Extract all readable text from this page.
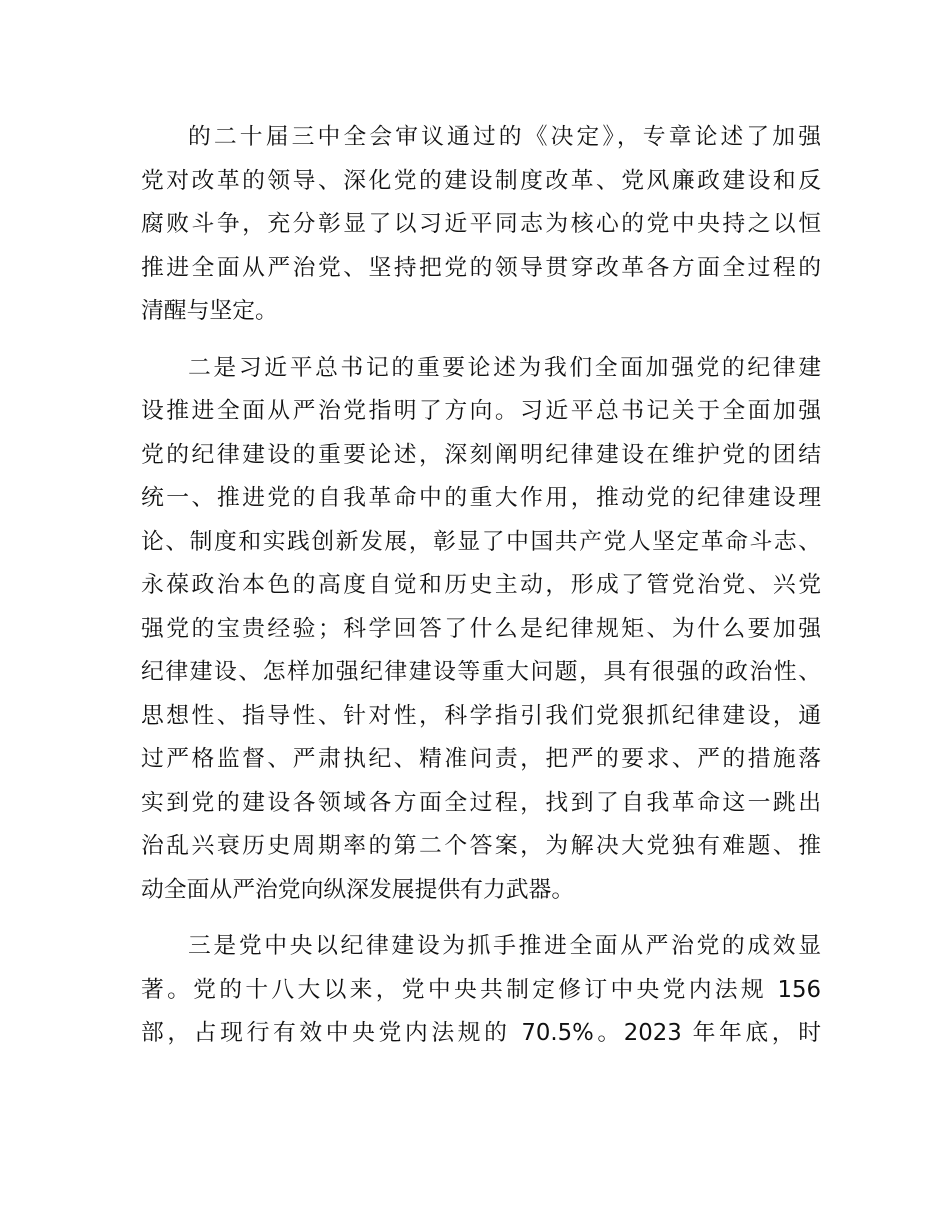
的二十届三中全会审议通过的《决定》，专章论述了加强
党对改革的领导、深化党的建设制度改革、党风廉政建设和反
腐败斗争，充分彰显了以习近平同志为核心的党中央持之以恒
推进全面从严治党、坚持把党的领导贯穿改革各方面全过程的
清醒与坚定。

二是习近平总书记的重要论述为我们全面加强党的纪律建
设推进全面从严治党指明了方向。习近平总书记关于全面加强
党的纪律建设的重要论述，深刻阐明纪律建设在维护党的团结
统一、推进党的自我革命中的重大作用，推动党的纪律建设理
论、制度和实践创新发展，彰显了中国共产党人坚定革命斗志、
永葆政治本色的高度自觉和历史主动，形成了管党治党、兴党
强党的宝贵经验；科学回答了什么是纪律规矩、为什么要加强
纪律建设、怎样加强纪律建设等重大问题，具有很强的政治性、
思想性、指导性、针对性，科学指引我们党狠抓纪律建设，通
过严格监督、严肃执纪、精准问责，把严的要求、严的措施落
实到党的建设各领域各方面全过程，找到了自我革命这一跳出
治乱兴衰历史周期率的第二个答案，为解决大党独有难题、推
动全面从严治党向纵深发展提供有力武器。

三是党中央以纪律建设为抓手推进全面从严治党的成效显
著。党的十八大以来，党中央共制定修订中央党内法规 156
部，占现行有效中央党内法规的 70.5%。2023 年年底，时
